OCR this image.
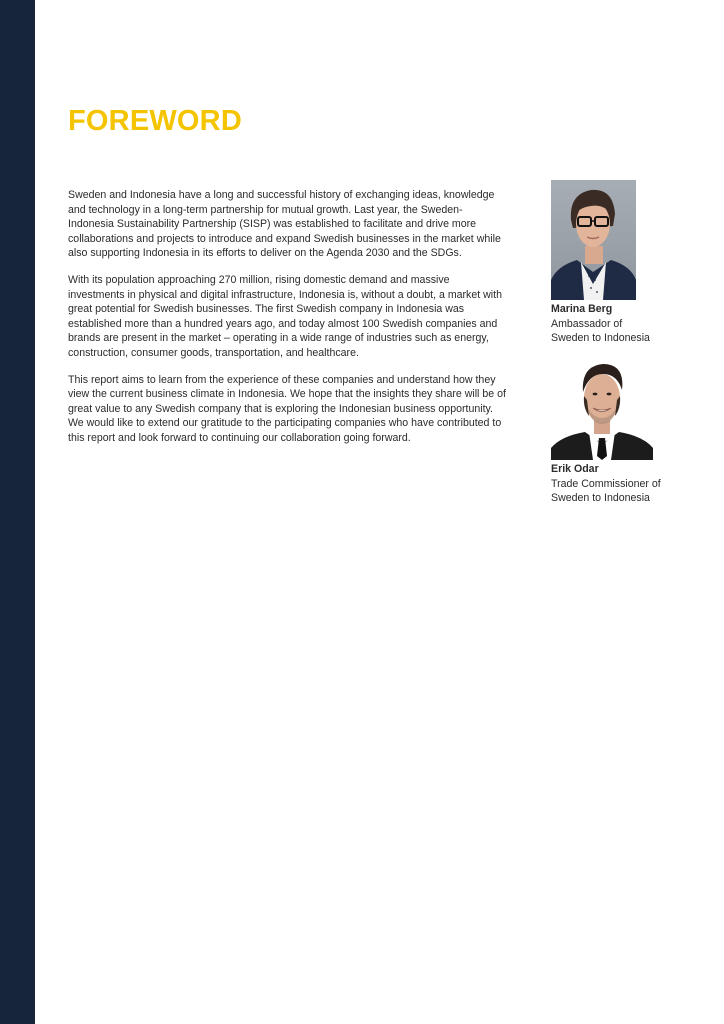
FOREWORD

Sweden and Indonesia have a long and successful history of exchanging ideas, knowledge and technology in a long-term partnership for mutual growth. Last year, the Sweden-Indonesia Sustainability Partnership (SISP) was established to facilitate and drive more collaborations and projects to introduce and expand Swedish businesses in the market while also supporting Indonesia in its efforts to deliver on the Agenda 2030 and the SDGs.

With its population approaching 270 million, rising domestic demand and massive investments in physical and digital infrastructure, Indonesia is, without a doubt, a market with great potential for Swedish businesses. The first Swedish company in Indonesia was established more than a hundred years ago, and today almost 100 Swedish companies and brands are present in the market – operating in a wide range of industries such as energy, construction, consumer goods, transportation, and healthcare.

This report aims to learn from the experience of these companies and understand how they view the current business climate in Indonesia. We hope that the insights they share will be of great value to any Swedish company that is exploring the Indonesian business opportunity. We would like to extend our gratitude to the participating companies who have contributed to this report and look forward to continuing our collaboration going forward.

Marina Berg
Ambassador of
Sweden to Indonesia
Erik Odar
Trade Commissioner of
Sweden to Indonesia
